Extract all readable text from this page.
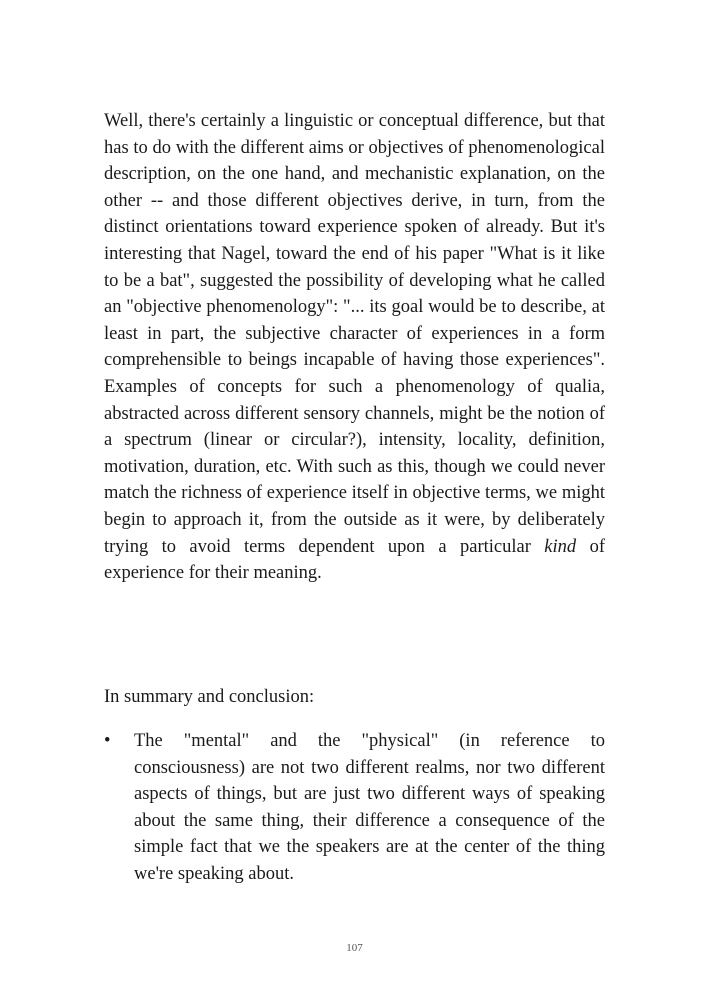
Well, there's certainly a linguistic or conceptual difference, but that has to do with the different aims or objectives of phenomenological description, on the one hand, and mechanistic explanation, on the other -- and those different objectives derive, in turn, from the distinct orientations toward experience spoken of already. But it's interesting that Nagel, toward the end of his paper "What is it like to be a bat", suggested the possibility of developing what he called an "objective phenomenology": "... its goal would be to describe, at least in part, the subjective character of experiences in a form comprehensible to beings incapable of having those experiences". Examples of concepts for such a phenomenology of qualia, abstracted across different sensory channels, might be the notion of a spectrum (linear or circular?), intensity, locality, definition, motivation, duration, etc. With such as this, though we could never match the richness of experience itself in objective terms, we might begin to approach it, from the outside as it were, by deliberately trying to avoid terms dependent upon a particular kind of experience for their meaning.

In summary and conclusion:

• The "mental" and the "physical" (in reference to consciousness) are not two different realms, nor two different aspects of things, but are just two different ways of speaking about the same thing, their difference a consequence of the simple fact that we the speakers are at the center of the thing we're speaking about.
107
